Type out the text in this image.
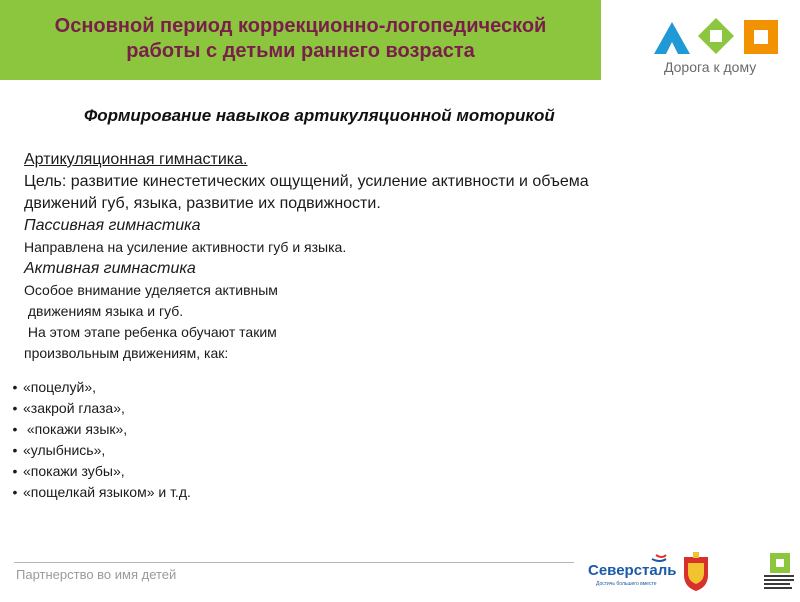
Основной период коррекционно-логопедической
работы с детьми раннего возраста
Дорога к дому
Формирование навыков артикуляционной моторикой
Артикуляционная гимнастика.
Цель: развитие кинестетических ощущений, усиление активности и объема
движений губ, языка, развитие их подвижности.
Пассивная гимнастика
Направлена на усиление активности губ и языка.
Активная гимнастика
Особое внимание уделяется активным
движениям языка и губ.
На этом этапе ребенка обучают таким
произвольным движениям, как:
• «поцелуй»,
• «закрой глаза»,
• «покажи язык»,
• «улыбнись»,
• «покажи зубы»,
• «пощелкай языком» и т.д.
Партнерство во имя детей	Северсталь
Достичь большего вместе
